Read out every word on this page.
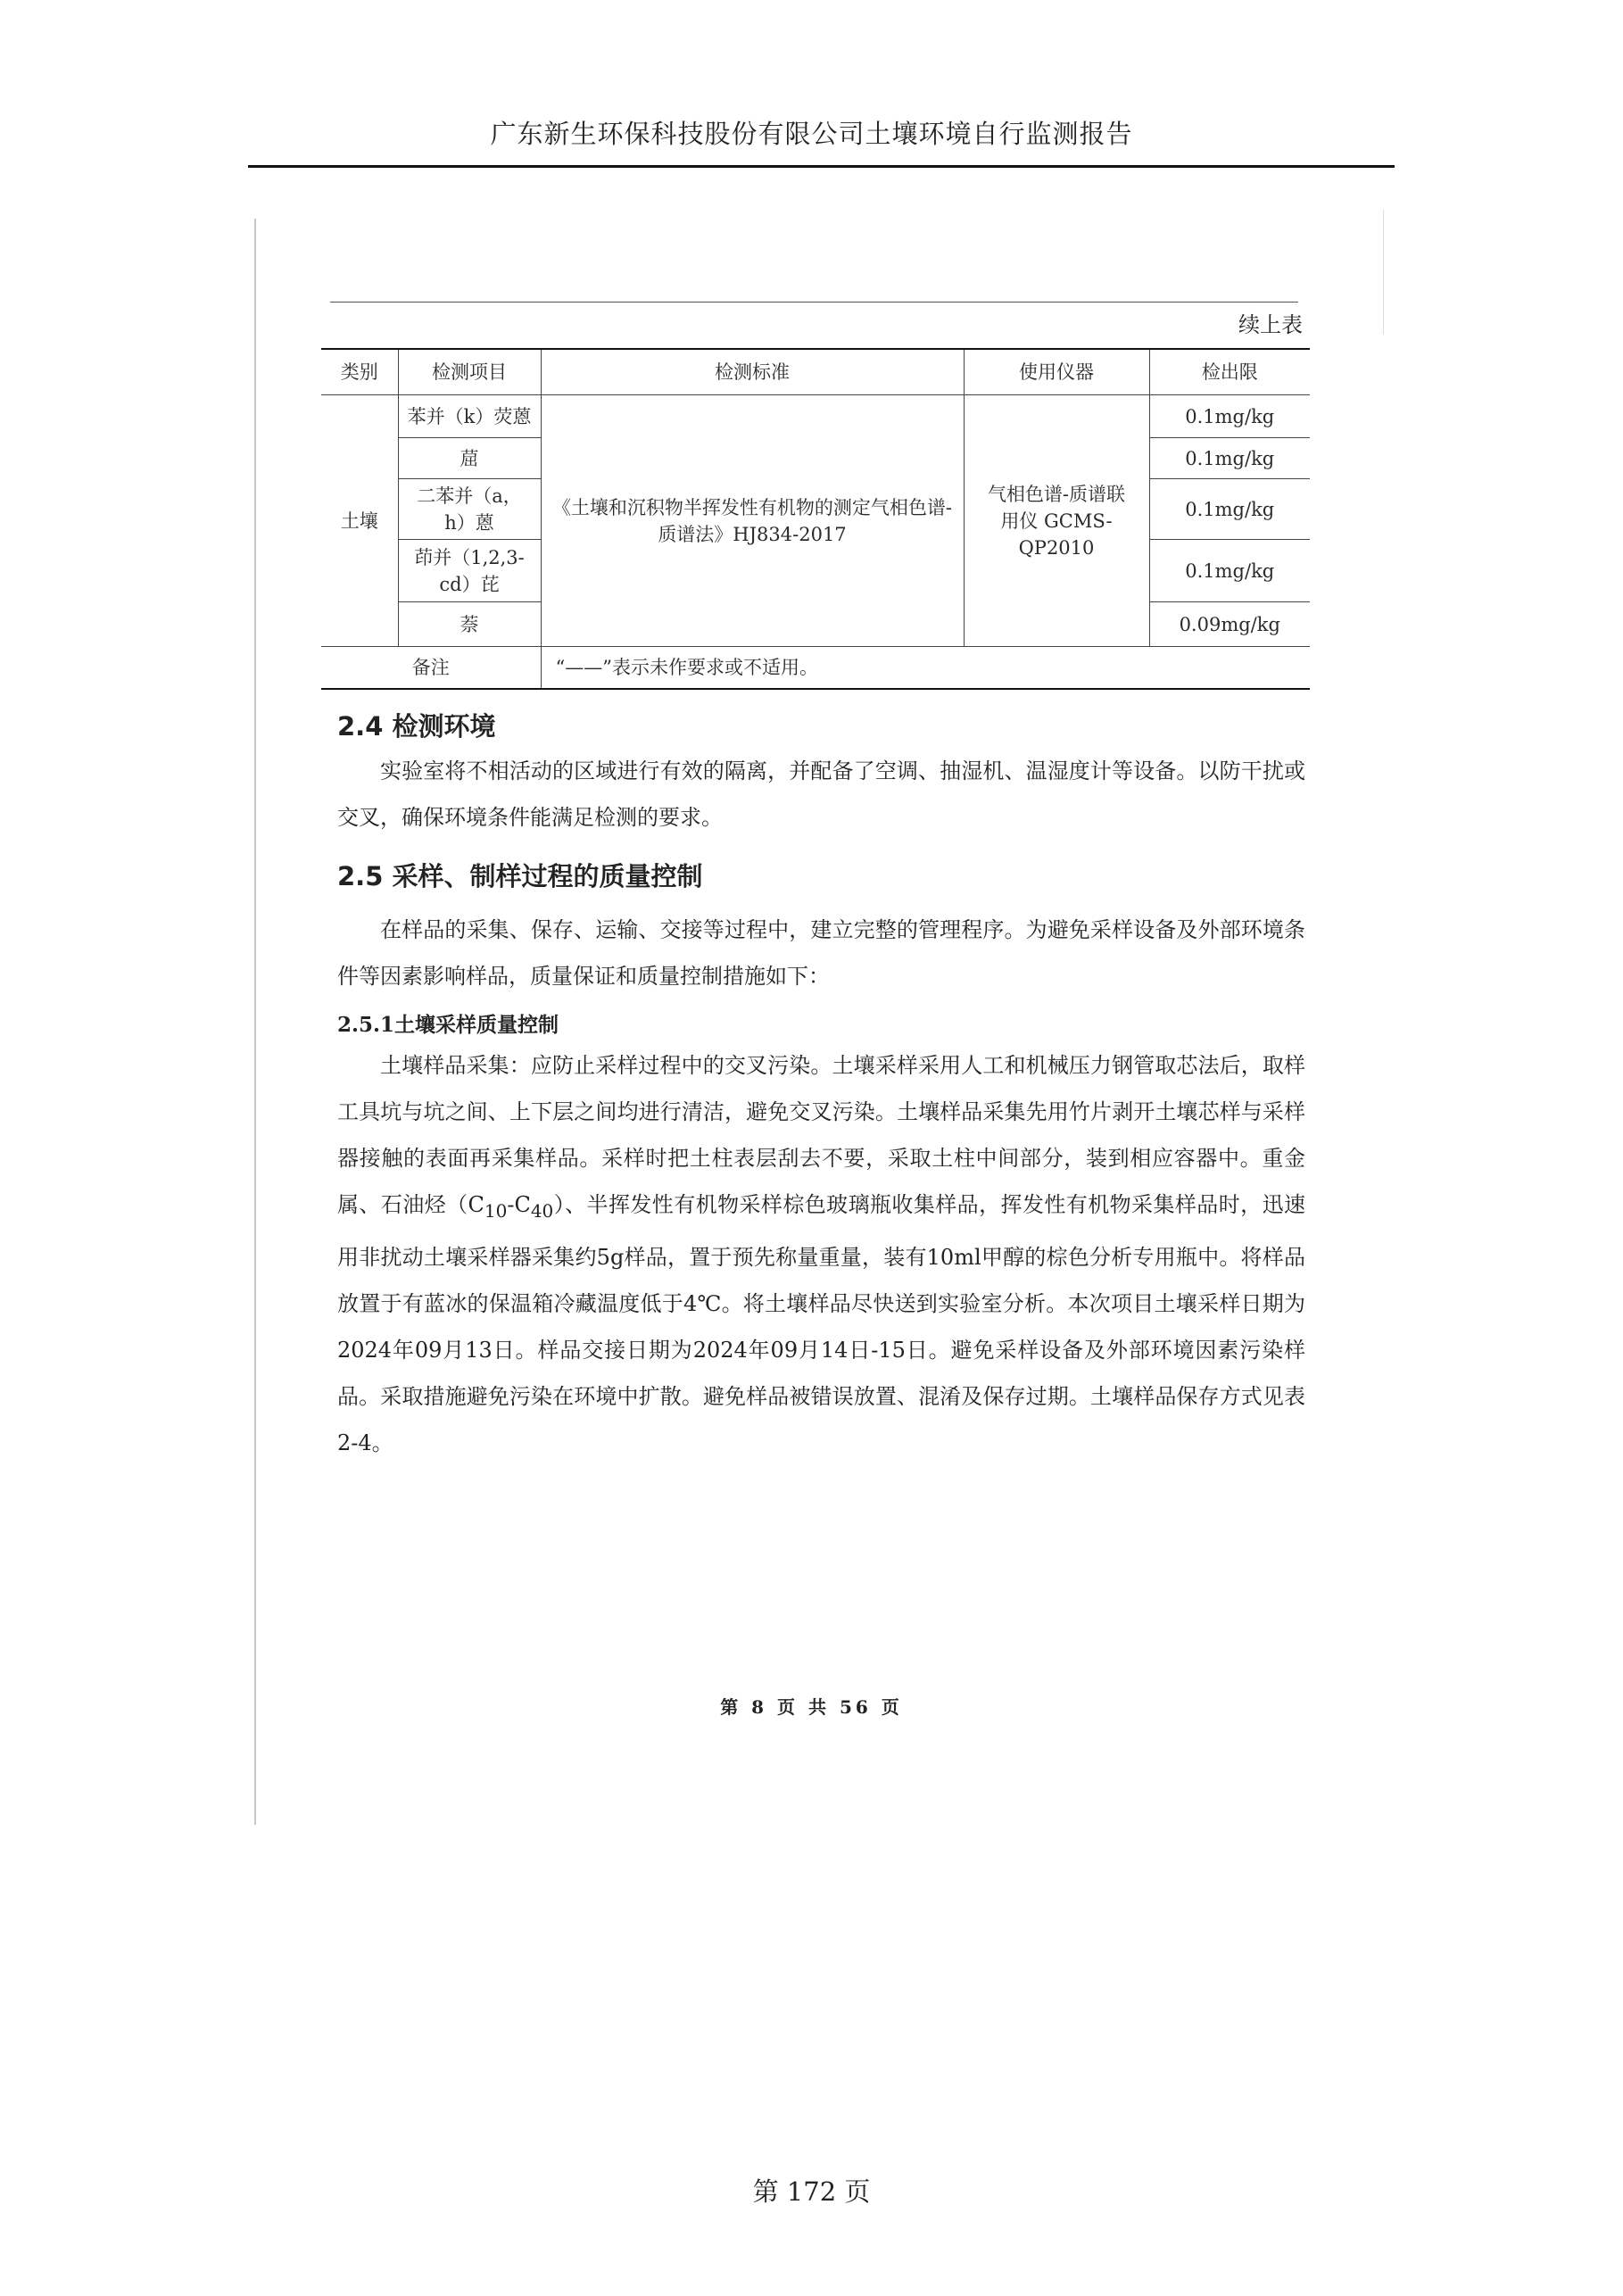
广东新生环保科技股份有限公司土壤环境自行监测报告
续上表
类别	检测项目	检测标准	使用仪器	检出限
土壤	苯并（k）荧蒽	《土壤和沉积物半挥发性有机物的测定气相色谱-质谱法》HJ834-2017	气相色谱-质谱联用仪 GCMS-QP2010	0.1mg/kg
	䓛			0.1mg/kg
	二苯并（a，h）蒽			0.1mg/kg
	茚并（1,2,3-cd）芘			0.1mg/kg
	萘			0.09mg/kg
备注		“——”表示未作要求或不适用。		
2.4 检测环境
实验室将不相活动的区域进行有效的隔离，并配备了空调、抽湿机、温湿度计等设备。以防干扰或交叉，确保环境条件能满足检测的要求。
2.5 采样、制样过程的质量控制
在样品的采集、保存、运输、交接等过程中，建立完整的管理程序。为避免采样设备及外部环境条件等因素影响样品，质量保证和质量控制措施如下：
2.5.1土壤采样质量控制
土壤样品采集：应防止采样过程中的交叉污染。土壤采样采用人工和机械压力钢管取芯法后，取样工具坑与坑之间、上下层之间均进行清洁，避免交叉污染。土壤样品采集先用竹片剥开土壤芯样与采样器接触的表面再采集样品。采样时把土柱表层刮去不要，采取土柱中间部分，装到相应容器中。重金属、石油烃$(C_{10}-C_{40})$、半挥发性有机物采样棕色玻璃瓶收集样品，挥发性有机物采集样品时，迅速用非扰动土壤采样器采集约5g样品，置于预先称量重量，装有10ml甲醇的棕色分析专用瓶中。将样品放置于有蓝冰的保温箱冷藏温度低于4℃。将土壤样品尽快送到实验室分析。本次项目土壤采样日期为2024年09月13日。样品交接日期为2024年09月14日-15日。避免采样设备及外部环境因素污染样品。采取措施避免污染在环境中扩散。避免样品被错误放置、混淆及保存过期。土壤样品保存方式见表2-4。
第 8 页 共 56 页
第 172 页
